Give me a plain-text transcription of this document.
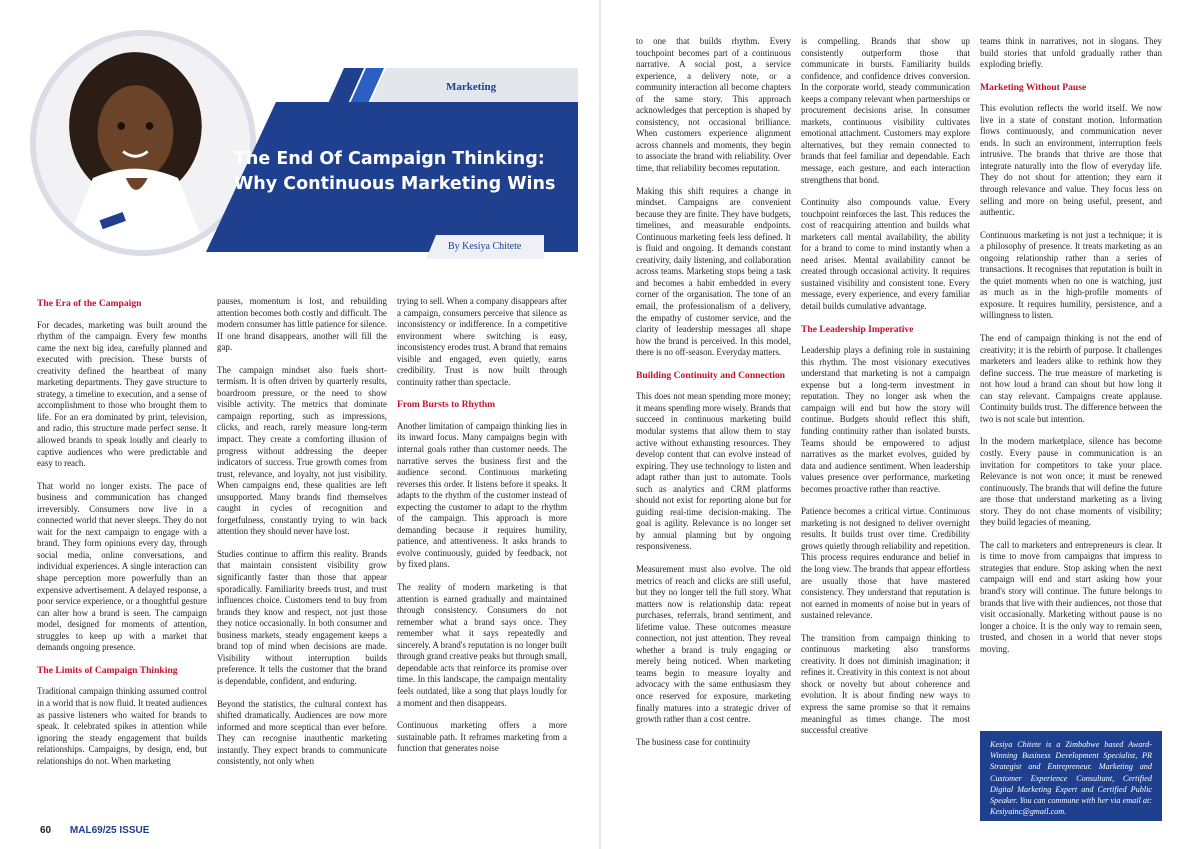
Marketing
The End Of Campaign Thinking: Why Continuous Marketing Wins
By Kesiya Chitete
The Era of the Campaign

For decades, marketing was built around the rhythm of the campaign. Every few months came the next big idea, carefully planned and executed with precision. These bursts of creativity defined the heartbeat of many marketing departments. They gave structure to strategy, a timeline to execution, and a sense of accomplishment to those who brought them to life. For an era dominated by print, television, and radio, this structure made perfect sense. It allowed brands to speak loudly and clearly to captive audiences who were predictable and easy to reach.

That world no longer exists. The pace of business and communication has changed irreversibly. Consumers now live in a connected world that never sleeps. They do not wait for the next campaign to engage with a brand. They form opinions every day, through social media, online conversations, and individual experiences. A single interaction can shape perception more powerfully than an expensive advertisement. A delayed response, a poor service experience, or a thoughtful gesture can alter how a brand is seen. The campaign model, designed for moments of attention, struggles to keep up with a market that demands ongoing presence.

The Limits of Campaign Thinking

Traditional campaign thinking assumed control in a world that is now fluid. It treated audiences as passive listeners who waited for brands to speak. It celebrated spikes in attention while ignoring the steady engagement that builds relationships. Campaigns, by design, end, but relationships do not. When marketing

pauses, momentum is lost, and rebuilding attention becomes both costly and difficult. The modern consumer has little patience for silence. If one brand disappears, another will fill the gap.

The campaign mindset also fuels short-termism. It is often driven by quarterly results, boardroom pressure, or the need to show visible activity. The metrics that dominate campaign reporting, such as impressions, clicks, and reach, rarely measure long-term impact. They create a comforting illusion of progress without addressing the deeper indicators of success. True growth comes from trust, relevance, and loyalty, not just visibility. When campaigns end, these qualities are left unsupported. Many brands find themselves caught in cycles of recognition and forgetfulness, constantly trying to win back attention they should never have lost.

Studies continue to affirm this reality. Brands that maintain consistent visibility grow significantly faster than those that appear sporadically. Familiarity breeds trust, and trust influences choice. Customers tend to buy from brands they know and respect, not just those they notice occasionally. In both consumer and business markets, steady engagement keeps a brand top of mind when decisions are made. Visibility without interruption builds preference. It tells the customer that the brand is dependable, confident, and enduring.

Beyond the statistics, the cultural context has shifted dramatically. Audiences are now more informed and more sceptical than ever before. They can recognise inauthentic marketing instantly. They expect brands to communicate consistently, not only when

trying to sell. When a company disappears after a campaign, consumers perceive that silence as inconsistency or indifference. In a competitive environment where switching is easy, inconsistency erodes trust. A brand that remains visible and engaged, even quietly, earns credibility. Trust is now built through continuity rather than spectacle.

From Bursts to Rhythm

Another limitation of campaign thinking lies in its inward focus. Many campaigns begin with internal goals rather than customer needs. The narrative serves the business first and the audience second. Continuous marketing reverses this order. It listens before it speaks. It adapts to the rhythm of the customer instead of expecting the customer to adapt to the rhythm of the campaign. This approach is more demanding because it requires humility, patience, and attentiveness. It asks brands to evolve continuously, guided by feedback, not by fixed plans.

The reality of modern marketing is that attention is earned gradually and maintained through consistency. Consumers do not remember what a brand says once. They remember what it says repeatedly and sincerely. A brand's reputation is no longer built through grand creative peaks but through small, dependable acts that reinforce its promise over time. In this landscape, the campaign mentality feels outdated, like a song that plays loudly for a moment and then disappears.

Continuous marketing offers a more sustainable path. It reframes marketing from a function that generates noise

to one that builds rhythm. Every touchpoint becomes part of a continuous narrative. A social post, a service experience, a delivery note, or a community interaction all become chapters of the same story. This approach acknowledges that perception is shaped by consistency, not occasional brilliance. When customers experience alignment across channels and moments, they begin to associate the brand with reliability. Over time, that reliability becomes reputation.

Making this shift requires a change in mindset. Campaigns are convenient because they are finite. They have budgets, timelines, and measurable endpoints. Continuous marketing feels less defined. It is fluid and ongoing. It demands constant creativity, daily listening, and collaboration across teams. Marketing stops being a task and becomes a habit embedded in every corner of the organisation. The tone of an email, the professionalism of a delivery, the empathy of customer service, and the clarity of leadership messages all shape how the brand is perceived. In this model, there is no off-season. Everyday matters.

Building Continuity and Connection

This does not mean spending more money; it means spending more wisely. Brands that succeed in continuous marketing build modular systems that allow them to stay active without exhausting resources. They develop content that can evolve instead of expiring. They use technology to listen and adapt rather than just to automate. Tools such as analytics and CRM platforms should not exist for reporting alone but for guiding real-time decision-making. The goal is agility. Relevance is no longer set by annual planning but by ongoing responsiveness.

Measurement must also evolve. The old metrics of reach and clicks are still useful, but they no longer tell the full story. What matters now is relationship data: repeat purchases, referrals, brand sentiment, and lifetime value. These outcomes measure connection, not just attention. They reveal whether a brand is truly engaging or merely being noticed. When marketing teams begin to measure loyalty and advocacy with the same enthusiasm they once reserved for exposure, marketing finally matures into a strategic driver of growth rather than a cost centre.

The business case for continuity

is compelling. Brands that show up consistently outperform those that communicate in bursts. Familiarity builds confidence, and confidence drives conversion. In the corporate world, steady communication keeps a company relevant when partnerships or procurement decisions arise. In consumer markets, continuous visibility cultivates emotional attachment. Customers may explore alternatives, but they remain connected to brands that feel familiar and dependable. Each message, each gesture, and each interaction strengthens that bond.

Continuity also compounds value. Every touchpoint reinforces the last. This reduces the cost of reacquiring attention and builds what marketers call mental availability, the ability for a brand to come to mind instantly when a need arises. Mental availability cannot be created through occasional activity. It requires sustained visibility and consistent tone. Every message, every experience, and every familiar detail builds cumulative advantage.

The Leadership Imperative

Leadership plays a defining role in sustaining this rhythm. The most visionary executives understand that marketing is not a campaign expense but a long-term investment in reputation. They no longer ask when the campaign will end but how the story will continue. Budgets should reflect this shift, funding continuity rather than isolated bursts. Teams should be empowered to adjust narratives as the market evolves, guided by data and audience sentiment. When leadership values presence over performance, marketing becomes proactive rather than reactive.

Patience becomes a critical virtue. Continuous marketing is not designed to deliver overnight results. It builds trust over time. Credibility grows quietly through reliability and repetition. This process requires endurance and belief in the long view. The brands that appear effortless are usually those that have mastered consistency. They understand that reputation is not earned in moments of noise but in years of sustained relevance.

The transition from campaign thinking to continuous marketing also transforms creativity. It does not diminish imagination; it refines it. Creativity in this context is not about shock or novelty but about coherence and evolution. It is about finding new ways to express the same promise so that it remains meaningful as times change. The most successful creative

teams think in narratives, not in slogans. They build stories that unfold gradually rather than exploding briefly.

Marketing Without Pause

This evolution reflects the world itself. We now live in a state of constant motion. Information flows continuously, and communication never ends. In such an environment, interruption feels intrusive. The brands that thrive are those that integrate naturally into the flow of everyday life. They do not shout for attention; they earn it through relevance and value. They focus less on selling and more on being useful, present, and authentic.

Continuous marketing is not just a technique; it is a philosophy of presence. It treats marketing as an ongoing relationship rather than a series of transactions. It recognises that reputation is built in the quiet moments when no one is watching, just as much as in the high-profile moments of exposure. It requires humility, persistence, and a willingness to listen.

The end of campaign thinking is not the end of creativity; it is the rebirth of purpose. It challenges marketers and leaders alike to rethink how they define success. The true measure of marketing is not how loud a brand can shout but how long it can stay relevant. Campaigns create applause. Continuity builds trust. The difference between the two is not scale but intention.

In the modern marketplace, silence has become costly. Every pause in communication is an invitation for competitors to take your place. Relevance is not won once; it must be renewed continuously. The brands that will define the future are those that understand marketing as a living story. They do not chase moments of visibility; they build legacies of meaning.

The call to marketers and entrepreneurs is clear. It is time to move from campaigns that impress to strategies that endure. Stop asking when the next campaign will end and start asking how your brand's story will continue. The future belongs to brands that live with their audiences, not those that visit occasionally. Marketing without pause is no longer a choice. It is the only way to remain seen, trusted, and chosen in a world that never stops moving.

Kesiya Chitete is a Zimbabwe based Award-Winning Business Development Specialist, PR Strategist and Entrepreneur. Marketing and Customer Experience Consultant, Certified Digital Marketing Expert and Certified Public Speaker. You can commune with her via email at: Kesiyainc@gmail.com.
60 MAL69/25 ISSUE
